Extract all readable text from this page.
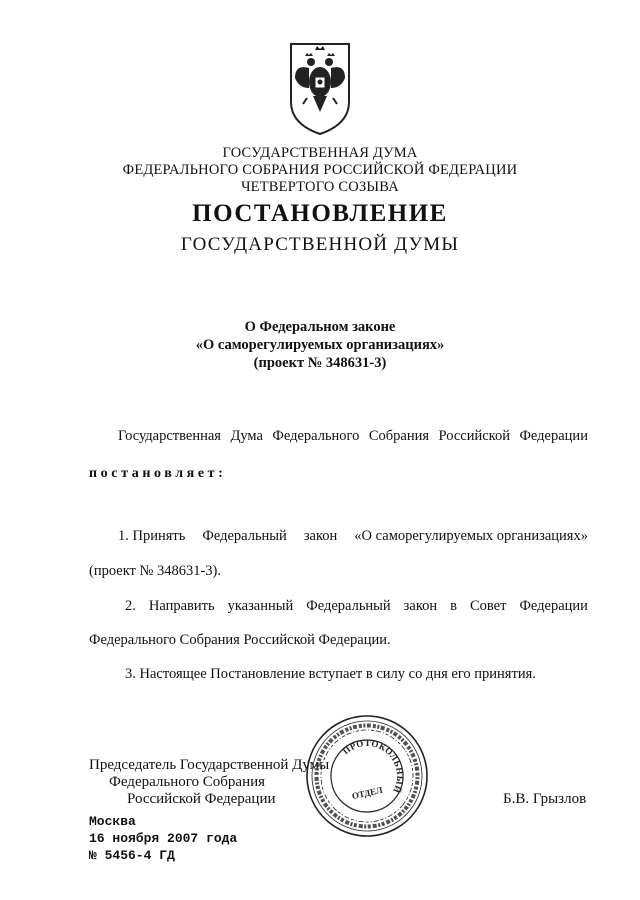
ГОСУДАРСТВЕННАЯ ДУМА
ФЕДЕРАЛЬНОГО СОБРАНИЯ РОССИЙСКОЙ ФЕДЕРАЦИИ
ЧЕТВЕРТОГО СОЗЫВА
ПОСТАНОВЛЕНИЕ
ГОСУДАРСТВЕННОЙ ДУМЫ
О Федеральном законе
«О саморегулируемых организациях»
(проект № 348631-3)
Государственная Дума Федерального Собрания Российской Федерации
постановляет:
1. Принять Федеральный закон «О саморегулируемых организациях»
(проект № 348631-3).
2. Направить указанный Федеральный закон в Совет Федерации
Федерального Собрания Российской Федерации.
3. Настоящее Постановление вступает в силу со дня его принятия.
Председатель Государственной Думы
Федерального Собрания
Российской Федерации	Б.В. Грызлов
ПРОТОКОЛЬНЫЙ
ОТДЕЛ
Москва
16 ноября 2007 года
№ 5456-4 ГД
